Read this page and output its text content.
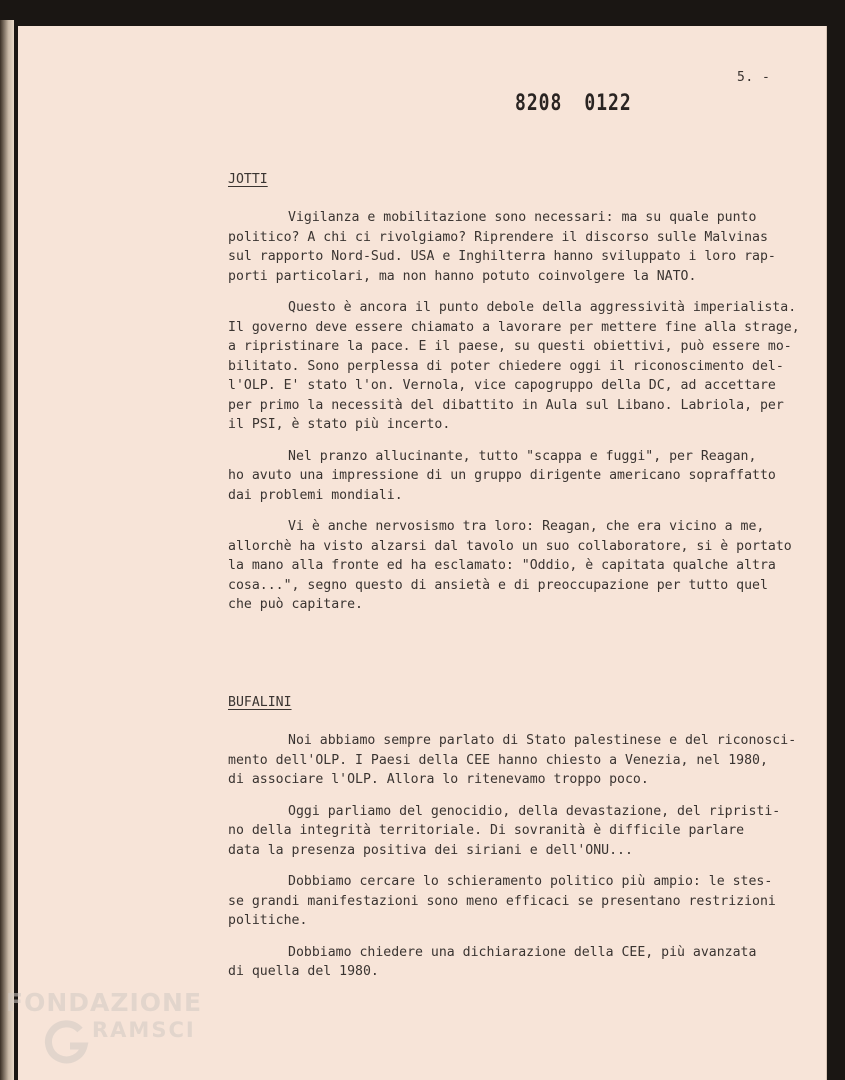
5. -
8208 0122
JOTTI

Vigilanza e mobilitazione sono necessari: ma su quale punto
politico? A chi ci rivolgiamo? Riprendere il discorso sulle Malvinas
sul rapporto Nord-Sud. USA e Inghilterra hanno sviluppato i loro rap-
porti particolari, ma non hanno potuto coinvolgere la NATO.

Questo è ancora il punto debole della aggressività imperialista.
Il governo deve essere chiamato a lavorare per mettere fine alla strage,
a ripristinare la pace. E il paese, su questi obiettivi, può essere mo-
bilitato. Sono perplessa di poter chiedere oggi il riconoscimento del-
l'OLP. E' stato l'on. Vernola, vice capogruppo della DC, ad accettare
per primo la necessità del dibattito in Aula sul Libano. Labriola, per
il PSI, è stato più incerto.

Nel pranzo allucinante, tutto "scappa e fuggi", per Reagan,
ho avuto una impressione di un gruppo dirigente americano sopraffatto
dai problemi mondiali.

Vi è anche nervosismo tra loro: Reagan, che era vicino a me,
allorchè ha visto alzarsi dal tavolo un suo collaboratore, si è portato
la mano alla fronte ed ha esclamato: "Oddio, è capitata qualche altra
cosa...", segno questo di ansietà e di preoccupazione per tutto quel
che può capitare.

BUFALINI

Noi abbiamo sempre parlato di Stato palestinese e del riconosci-
mento dell'OLP. I Paesi della CEE hanno chiesto a Venezia, nel 1980,
di associare l'OLP. Allora lo ritenevamo troppo poco.

Oggi parliamo del genocidio, della devastazione, del ripristi-
no della integrità territoriale. Di sovranità è difficile parlare
data la presenza positiva dei siriani e dell'ONU...

Dobbiamo cercare lo schieramento politico più ampio: le stes-
se grandi manifestazioni sono meno efficaci se presentano restrizioni
politiche.

Dobbiamo chiedere una dichiarazione della CEE, più avanzata
di quella del 1980.

FONDAZIONE
RAMSCI
